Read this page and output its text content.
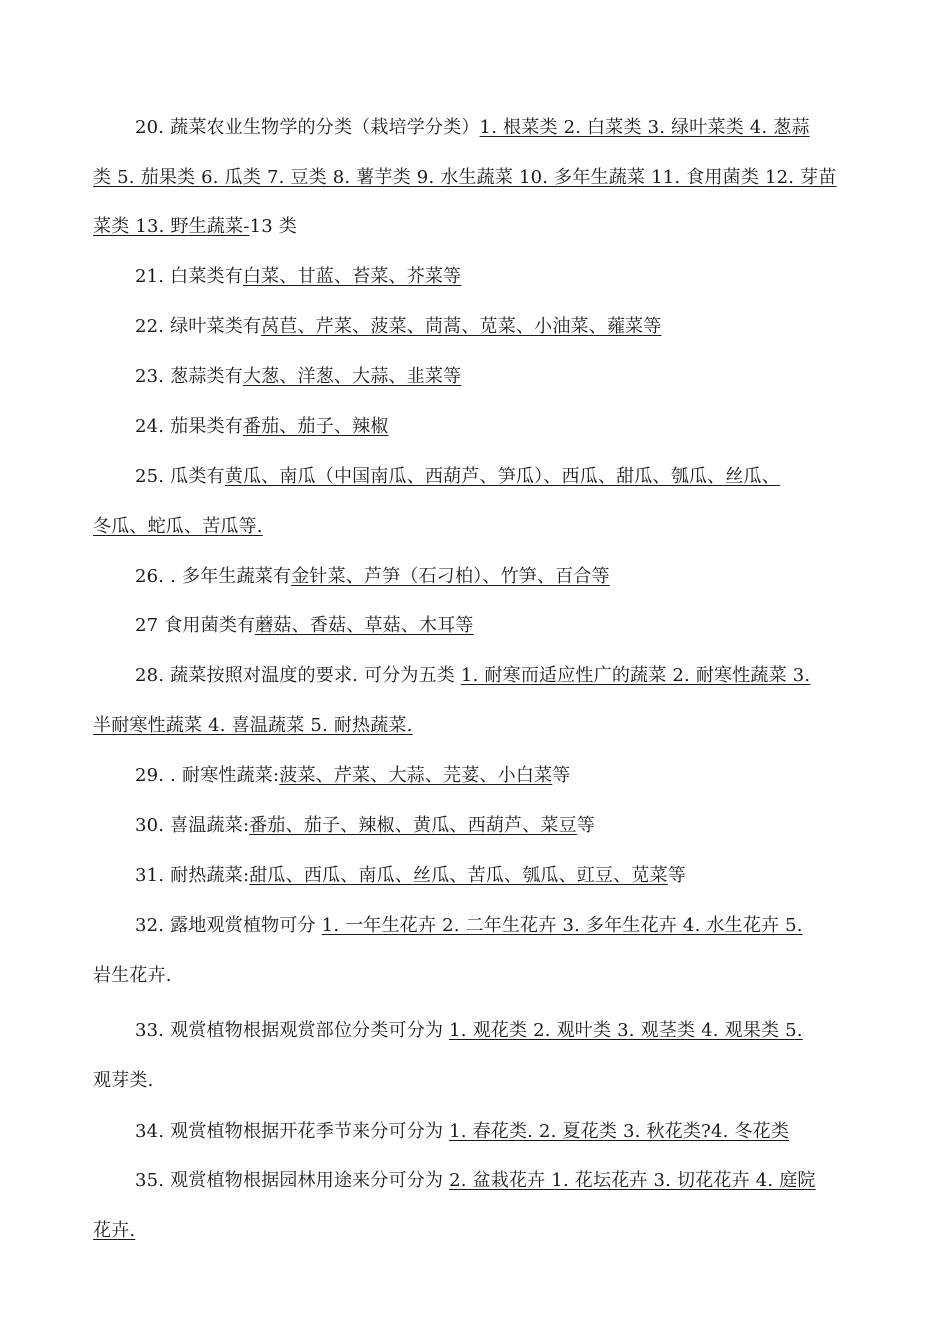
20. 蔬菜农业生物学的分类（栽培学分类）1. 根菜类 2. 白菜类 3. 绿叶菜类 4. 葱蒜
类 5. 茄果类 6. 瓜类 7. 豆类 8. 薯芋类 9. 水生蔬菜 10. 多年生蔬菜 11. 食用菌类 12. 芽苗
菜类 13. 野生蔬菜-13 类
21. 白菜类有白菜、甘蓝、苔菜、芥菜等
22. 绿叶菜类有莴苣、芹菜、菠菜、茼蒿、苋菜、小油菜、蕹菜等
23. 葱蒜类有大葱、洋葱、大蒜、韭菜等
24. 茄果类有番茄、茄子、辣椒
25. 瓜类有黄瓜、南瓜（中国南瓜、西葫芦、笋瓜）、西瓜、甜瓜、瓠瓜、丝瓜、
冬瓜、蛇瓜、苦瓜等.
26. . 多年生蔬菜有金针菜、芦笋（石刁柏）、竹笋、百合等
27 食用菌类有蘑菇、香菇、草菇、木耳等
28. 蔬菜按照对温度的要求. 可分为五类 1. 耐寒而适应性广的蔬菜 2. 耐寒性蔬菜 3.
半耐寒性蔬菜 4. 喜温蔬菜 5. 耐热蔬菜.
29. . 耐寒性蔬菜:菠菜、芹菜、大蒜、芫荽、小白菜等
30. 喜温蔬菜:番茄、茄子、辣椒、黄瓜、西葫芦、菜豆等
31. 耐热蔬菜:甜瓜、西瓜、南瓜、丝瓜、苦瓜、瓠瓜、豇豆、苋菜等
32. 露地观赏植物可分 1. 一年生花卉 2. 二年生花卉 3. 多年生花卉 4. 水生花卉 5.
岩生花卉.
33. 观赏植物根据观赏部位分类可分为 1. 观花类 2. 观叶类 3. 观茎类 4. 观果类 5.
观芽类.
34. 观赏植物根据开花季节来分可分为 1. 春花类. 2. 夏花类 3. 秋花类?4. 冬花类
35. 观赏植物根据园林用途来分可分为 2. 盆栽花卉 1. 花坛花卉 3. 切花花卉 4. 庭院
花卉.
